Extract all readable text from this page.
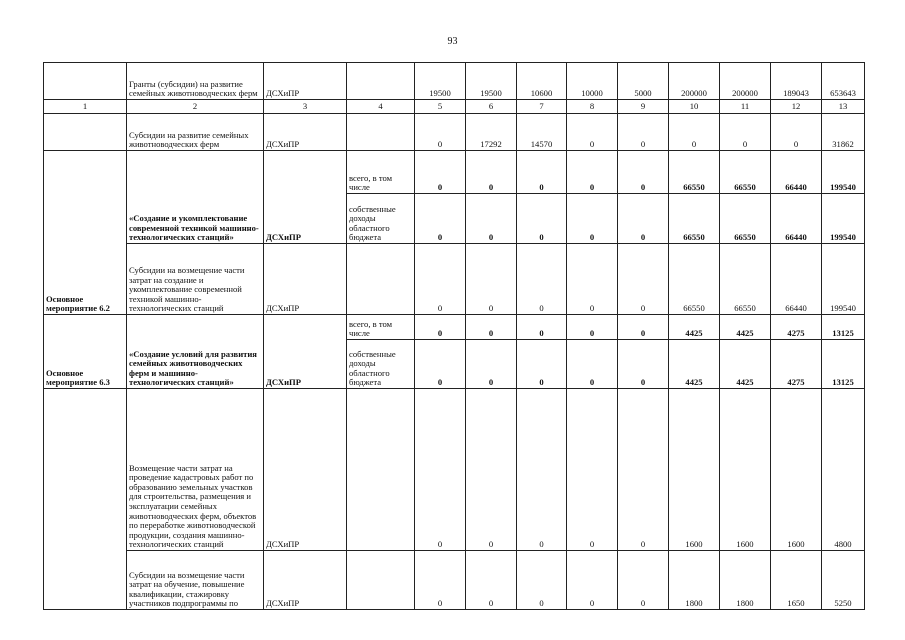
93
	Гранты (субсидии) на развитие семейных животноводческих ферм	ДСХиПР		19500	19500	10600	10000	5000	200000	200000	189043	653643
1	2	3	4	5	6	7	8	9	10	11	12	13
	Субсидии на развитие семейных животноводческих ферм	ДСХиПР		0	17292	14570	0	0	0	0	0	31862
Основное мероприятие 6.2	«Создание и укомплектование современной техникой машинно-технологических станций»	ДСХиПР	всего, в том числе	0	0	0	0	0	66550	66550	66440	199540
			собственные доходы областного бюджета	0	0	0	0	0	66550	66550	66440	199540
	Субсидии на возмещение части затрат на создание и укомплектование современной техникой машинно-технологических станций	ДСХиПР		0	0	0	0	0	66550	66550	66440	199540
Основное мероприятие 6.3	«Создание условий для развития семейных животноводческих ферм и машинно-технологических станций»	ДСХиПР	всего, в том числе	0	0	0	0	0	4425	4425	4275	13125
			собственные доходы областного бюджета	0	0	0	0	0	4425	4425	4275	13125
	Возмещение части затрат на проведение кадастровых работ по образованию земельных участков для строительства, размещения и эксплуатации семейных животноводческих ферм, объектов по переработке животноводческой продукции, создания машинно-технологических станций	ДСХиПР		0	0	0	0	0	1600	1600	1600	4800
	Субсидии на возмещение части затрат на обучение, повышение квалификации, стажировку участников подпрограммы по	ДСХиПР		0	0	0	0	0	1800	1800	1650	5250
